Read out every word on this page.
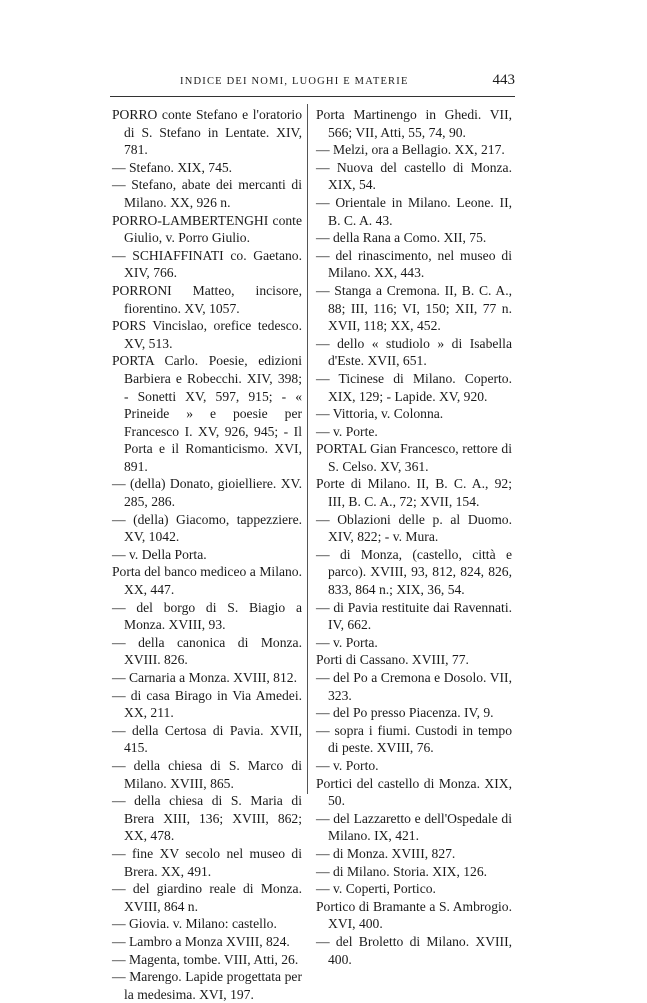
INDICE DEI NOMI, LUOGHI E MATERIE	443

PORRO conte Stefano e l'oratorio di S. Stefano in Lentate. XIV, 781.

— Stefano. XIX, 745.

— Stefano, abate dei mercanti di Milano. XX, 926 n.

PORRO-LAMBERTENGHI conte Giulio, v. Porro Giulio.

— SCHIAFFINATI co. Gaetano. XIV, 766.

PORRONI Matteo, incisore, fiorentino. XV, 1057.

PORS Vincislao, orefice tedesco. XV, 513.

PORTA Carlo. Poesie, edizioni Barbiera e Robecchi. XIV, 398; - Sonetti XV, 597, 915; - « Prineide » e poesie per Francesco I. XV, 926, 945; - Il Porta e il Romanticismo. XVI, 891.

— (della) Donato, gioielliere. XV. 285, 286.

— (della) Giacomo, tappezziere. XV, 1042.

— v. Della Porta.

Porta del banco mediceo a Milano. XX, 447.

— del borgo di S. Biagio a Monza. XVIII, 93.

— della canonica di Monza. XVIII. 826.

— Carnaria a Monza. XVIII, 812.

— di casa Birago in Via Amedei. XX, 211.

— della Certosa di Pavia. XVII, 415.

— della chiesa di S. Marco di Milano. XVIII, 865.

— della chiesa di S. Maria di Brera XIII, 136; XVIII, 862; XX, 478.

— fine XV secolo nel museo di Brera. XX, 491.

— del giardino reale di Monza. XVIII, 864 n.

— Giovia. v. Milano: castello.

— Lambro a Monza XVIII, 824.

— Magenta, tombe. VIII, Atti, 26.

— Marengo. Lapide progettata per la medesima. XVI, 197.

Porta Martinengo in Ghedi. VII, 566; VII, Atti, 55, 74, 90.

— Melzi, ora a Bellagio. XX, 217.

— Nuova del castello di Monza. XIX, 54.

— Orientale in Milano. Leone. II, B. C. A. 43.

— della Rana a Como. XII, 75.

— del rinascimento, nel museo di Milano. XX, 443.

— Stanga a Cremona. II, B. C. A., 88; III, 116; VI, 150; XII, 77 n. XVII, 118; XX, 452.

— dello « studiolo » di Isabella d'Este. XVII, 651.

— Ticinese di Milano. Coperto. XIX, 129; - Lapide. XV, 920.

— Vittoria, v. Colonna.

— v. Porte.

PORTAL Gian Francesco, rettore di S. Celso. XV, 361.

Porte di Milano. II, B. C. A., 92; III, B. C. A., 72; XVII, 154.

— Oblazioni delle p. al Duomo. XIV, 822; - v. Mura.

— di Monza, (castello, città e parco). XVIII, 93, 812, 824, 826, 833, 864 n.; XIX, 36, 54.

— di Pavia restituite dai Ravennati. IV, 662.

— v. Porta.

Porti di Cassano. XVIII, 77.

— del Po a Cremona e Dosolo. VII, 323.

— del Po presso Piacenza. IV, 9.

— sopra i fiumi. Custodi in tempo di peste. XVIII, 76.

— v. Porto.

Portici del castello di Monza. XIX, 50.

— del Lazzaretto e dell'Ospedale di Milano. IX, 421.

— di Monza. XVIII, 827.

— di Milano. Storia. XIX, 126.

— v. Coperti, Portico.

Portico di Bramante a S. Ambrogio. XVI, 400.

— del Broletto di Milano. XVIII, 400.
